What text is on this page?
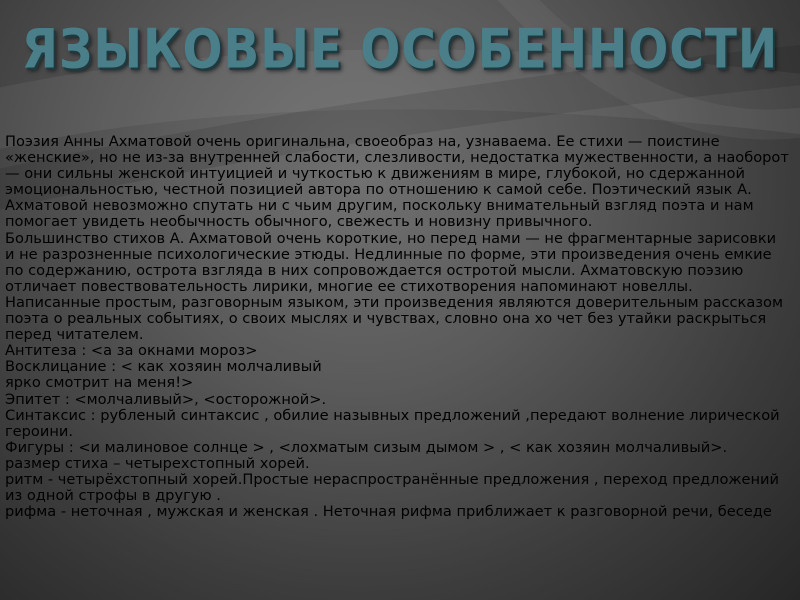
ЯЗЫКОВЫЕ ОСОБЕННОСТИ

Поэзия Анны Ахматовой очень оригинальна, своеобраз на, узнаваема. Ее стихи — поистине «женские», но не из-за внутренней слабости, слезливости, недостатка мужественности, а наоборот — они сильны женской интуицией и чуткостью к движениям в мире, глубокой, но сдержанной эмоциональностью, честной позицией автора по отношению к самой себе. Поэтический язык А. Ахматовой невозможно спутать ни с чьим другим, поскольку внимательный взгляд поэта и нам помогает увидеть необычность обычного, свежесть и новизну привычного.

Большинство стихов А. Ахматовой очень короткие, но перед нами — не фрагментарные зарисовки и не разрозненные психологические этюды. Недлинные по форме, эти произведения очень емкие по содержанию, острота взгляда в них сопровождается остротой мысли. Ахматовскую поэзию отличает повествовательность лирики, многие ее стихотворения напоминают новеллы. Написанные простым, разговорным языком, эти произведения являются доверительным рассказом поэта о реальных событиях, о своих мыслях и чувствах, словно она хо чет без утайки раскрыться перед читателем.

Антитеза : <а за окнами мороз>

Восклицание : < как хозяин молчаливый

ярко смотрит на меня!>

Эпитет : <молчаливый>, <осторожной>.

Синтаксис : рубленый синтаксис , обилие назывных предложений ,передают волнение лирической героини.

Фигуры : <и малиновое солнце > , <лохматым сизым дымом > , < как хозяин молчаливый>.

размер стиха – четырехстопный хорей.

ритм - четырёхстопный хорей.Простые нераспространённые предложения , переход предложений из одной строфы в другую .

рифма - неточная , мужская и женская . Неточная рифма приближает к разговорной речи, беседе
